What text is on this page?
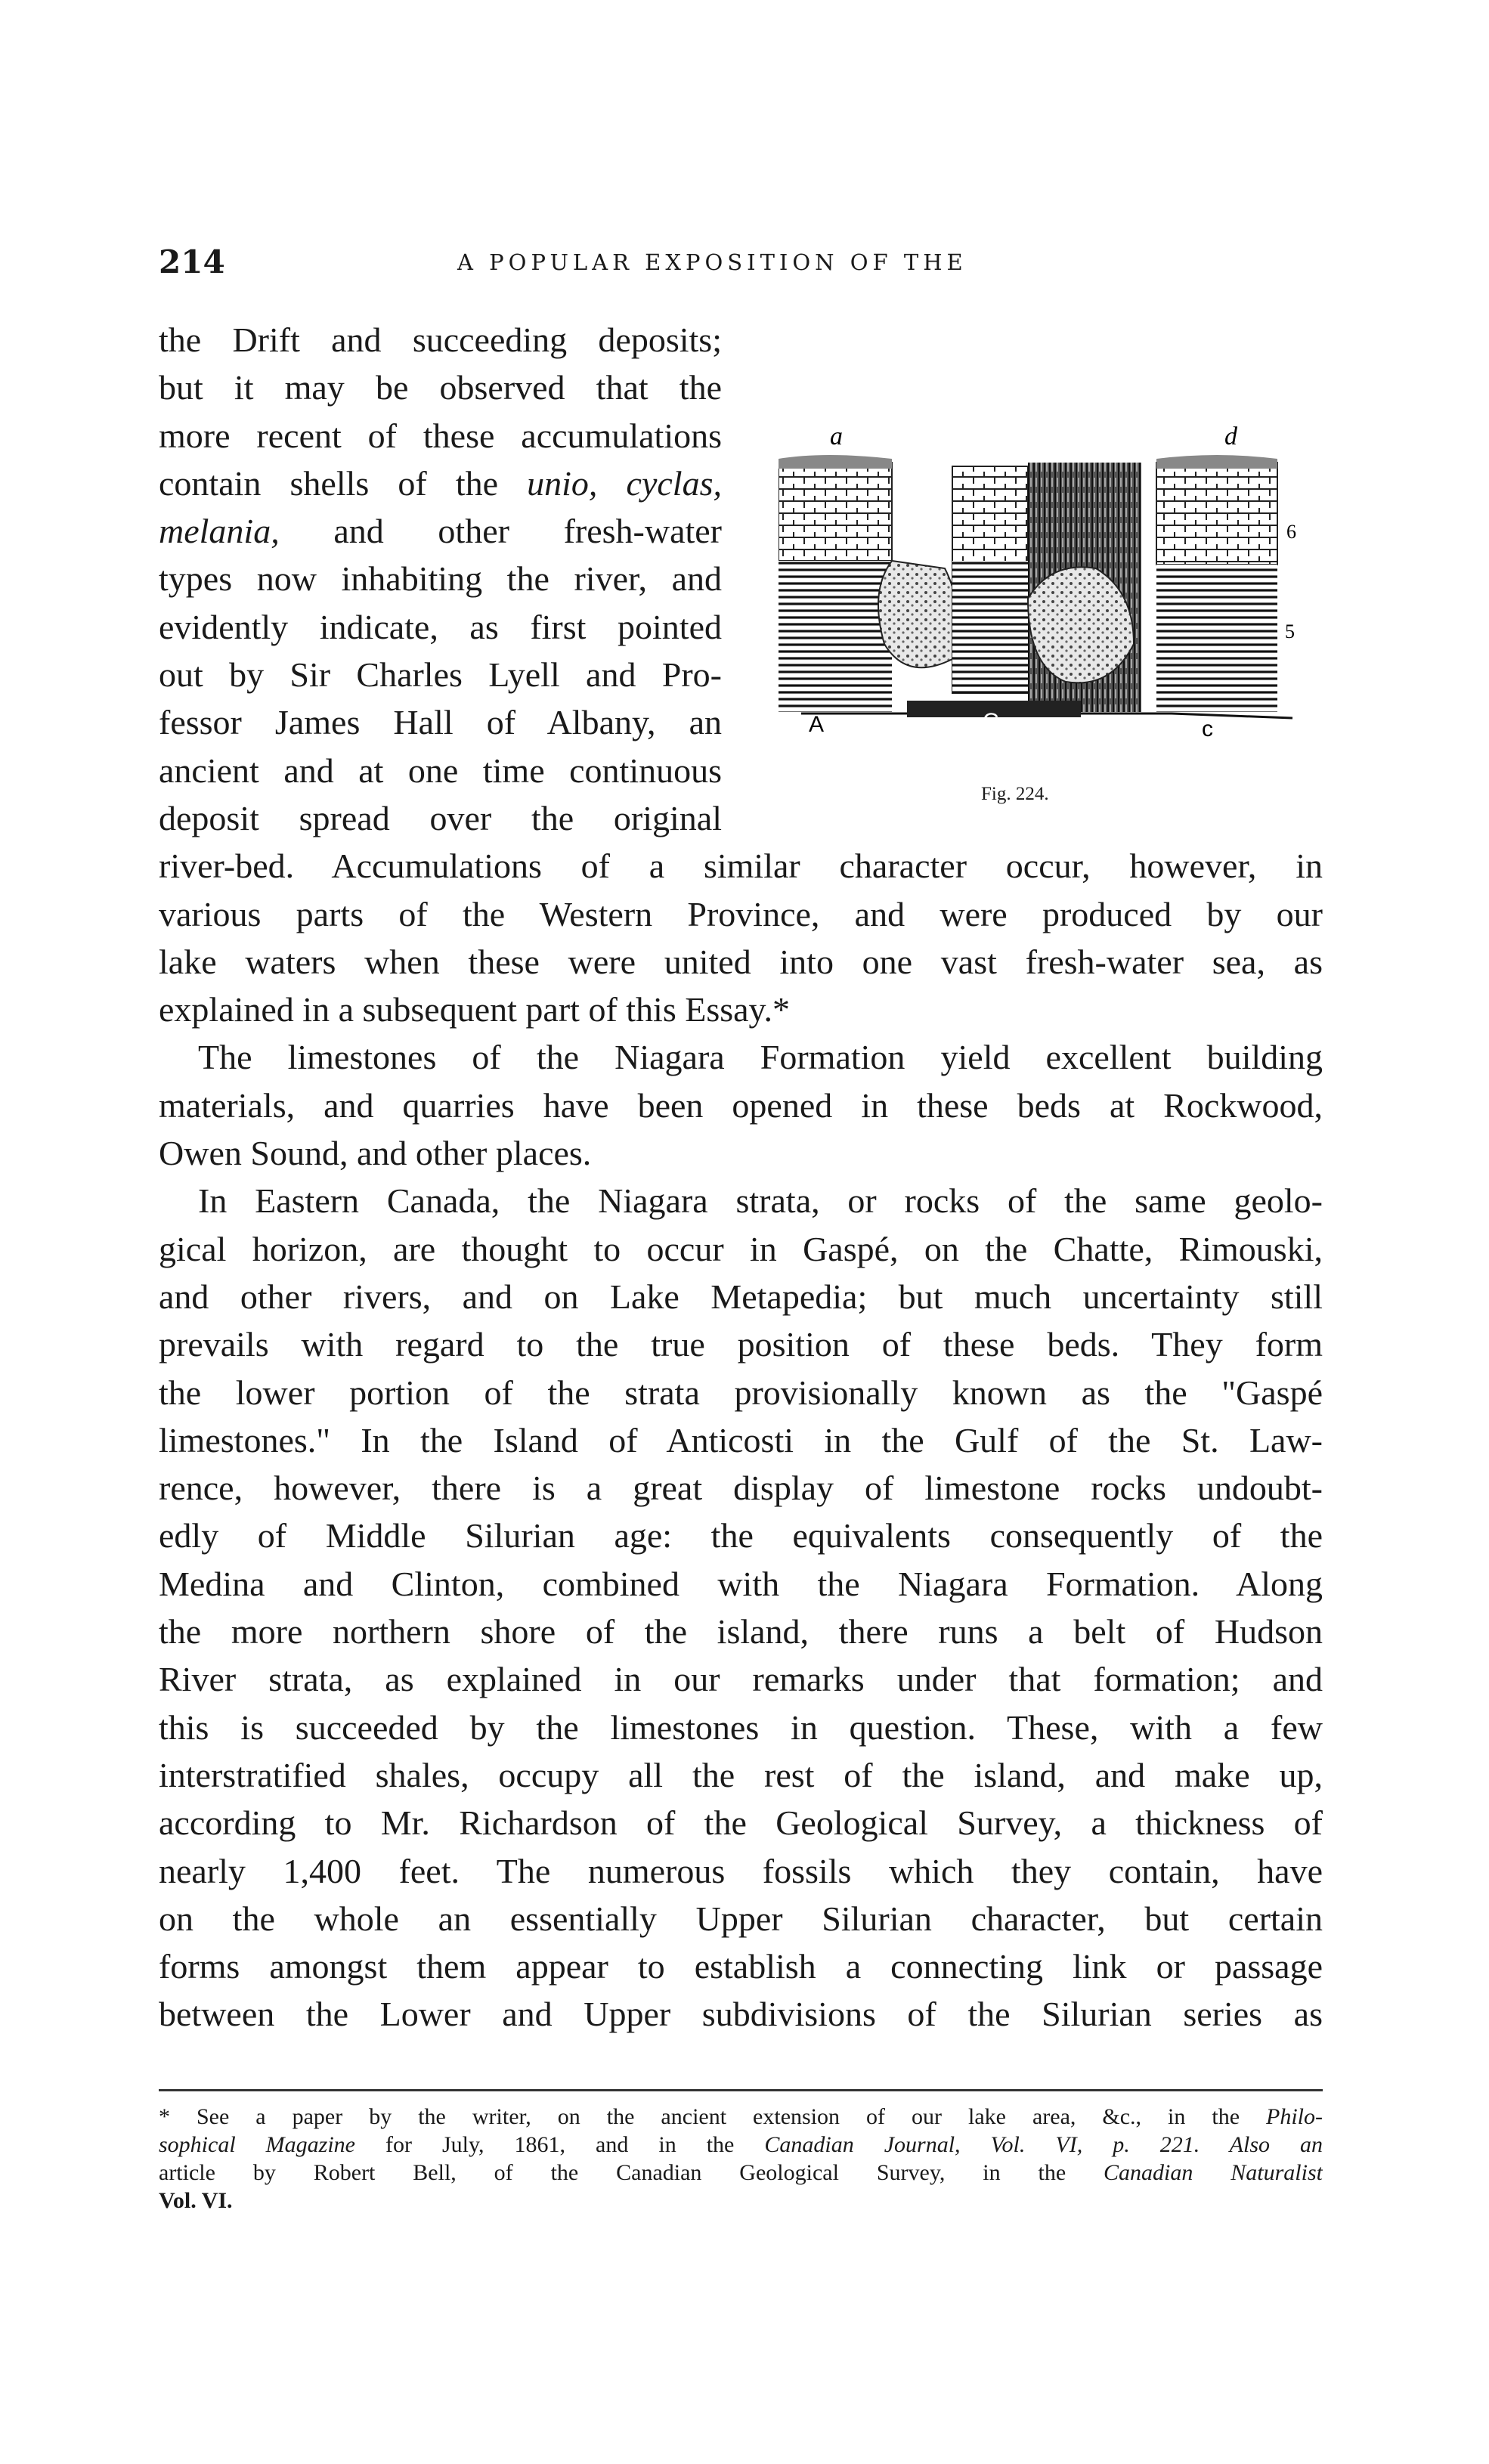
214	A POPULAR EXPOSITION OF THE
a	d
6
5
A	C	c
Fig. 224.
the Drift and succeeding deposits;
but it may be observed that the
more recent of these accumulations
contain shells of the unio, cyclas,
melania, and other fresh-water
types now inhabiting the river, and
evidently indicate, as first pointed
out by Sir Charles Lyell and Pro-
fessor James Hall of Albany, an
ancient and at one time continuous
deposit spread over the original
river-bed. Accumulations of a similar character occur, however, in
various parts of the Western Province, and were produced by our
lake waters when these were united into one vast fresh-water sea, as
explained in a subsequent part of this Essay.*
The limestones of the Niagara Formation yield excellent building
materials, and quarries have been opened in these beds at Rockwood,
Owen Sound, and other places.
In Eastern Canada, the Niagara strata, or rocks of the same geolo-
gical horizon, are thought to occur in Gaspé, on the Chatte, Rimouski,
and other rivers, and on Lake Metapedia; but much uncertainty still
prevails with regard to the true position of these beds. They form
the lower portion of the strata provisionally known as the "Gaspé
limestones." In the Island of Anticosti in the Gulf of the St. Law-
rence, however, there is a great display of limestone rocks undoubt-
edly of Middle Silurian age: the equivalents consequently of the
Medina and Clinton, combined with the Niagara Formation. Along
the more northern shore of the island, there runs a belt of Hudson
River strata, as explained in our remarks under that formation; and
this is succeeded by the limestones in question. These, with a few
interstratified shales, occupy all the rest of the island, and make up,
according to Mr. Richardson of the Geological Survey, a thickness of
nearly 1,400 feet. The numerous fossils which they contain, have
on the whole an essentially Upper Silurian character, but certain
forms amongst them appear to establish a connecting link or passage
between the Lower and Upper subdivisions of the Silurian series as
* See a paper by the writer, on the ancient extension of our lake area, &c., in the Philo-
sophical Magazine for July, 1861, and in the Canadian Journal, Vol. VI, p. 221. Also an
article by Robert Bell, of the Canadian Geological Survey, in the Canadian Naturalist
Vol. VI.
